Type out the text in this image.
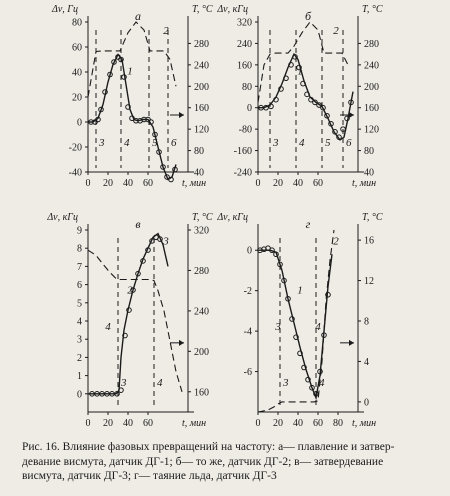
Δν, Гц	T, °C
а
0 20 40 60	t, мин
-40
-20
0
20
40
60
80
40
80
120
160
200
240
280
3 4 5 6
1
2
Δν, кГц	T, °C
б
0 20 40 60	t, мин
-240
-160
-80
0
80
160
240
320
40
80
120
160
200
240
280
3 4 5 6
1
2
Δν, кГц	T, °C
в
0 20 40 60	t, мин
0
1
2
3
4
5
6
7
8
9
160
200
240
280
320
3	4
2
3
4
Δν, кГц	T, °C
г
0 20 40 60 80 t, мин
-6
-4
-2
0
0
4
8
12
16
3	4
1
2
3	4
Рис. 16. Влияние фазовых превращений на частоту: а— плавление и затвер-
девание висмута, датчик ДГ-1; б— то же, датчик ДГ-2; в— затвердевание
висмута, датчик ДГ-3; г— таяние льда, датчик ДГ-3
